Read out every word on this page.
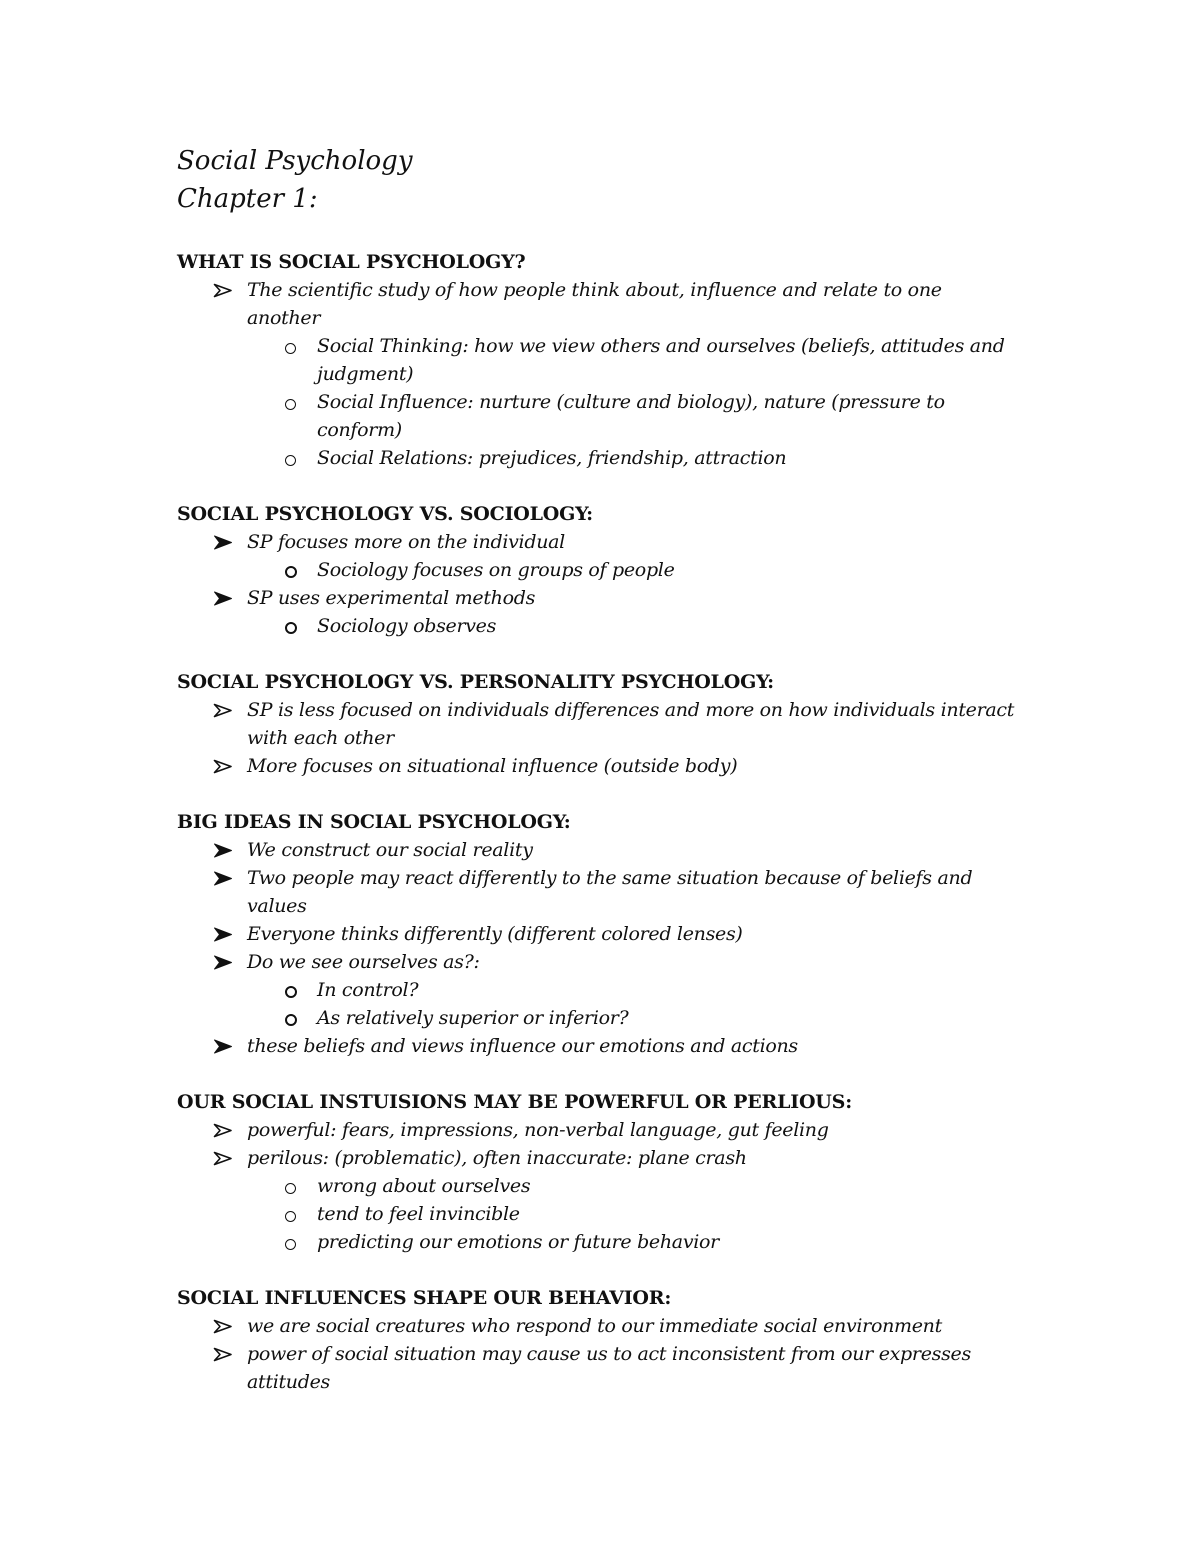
Social Psychology
Chapter 1:
WHAT IS SOCIAL PSYCHOLOGY?
The scientific study of how people think about, influence and relate to one another
Social Thinking: how we view others and ourselves (beliefs, attitudes and judgment)
Social Influence: nurture (culture and biology), nature (pressure to conform)
Social Relations: prejudices, friendship, attraction
SOCIAL PSYCHOLOGY VS. SOCIOLOGY:
SP focuses more on the individual
Sociology focuses on groups of people
SP uses experimental methods
Sociology observes
SOCIAL PSYCHOLOGY VS. PERSONALITY PSYCHOLOGY:
SP is less focused on individuals differences and more on how individuals interact with each other
More focuses on situational influence (outside body)
BIG IDEAS IN SOCIAL PSYCHOLOGY:
We construct our social reality
Two people may react differently to the same situation because of beliefs and values
Everyone thinks differently (different colored lenses)
Do we see ourselves as?:
In control?
As relatively superior or inferior?
these beliefs and views influence our emotions and actions
OUR SOCIAL INSTUISIONS MAY BE POWERFUL OR PERLIOUS:
powerful: fears, impressions, non-verbal language, gut feeling
perilous: (problematic), often inaccurate: plane crash
wrong about ourselves
tend to feel invincible
predicting our emotions or future behavior
SOCIAL INFLUENCES SHAPE OUR BEHAVIOR:
we are social creatures who respond to our immediate social environment
power of social situation may cause us to act inconsistent from our expresses attitudes
